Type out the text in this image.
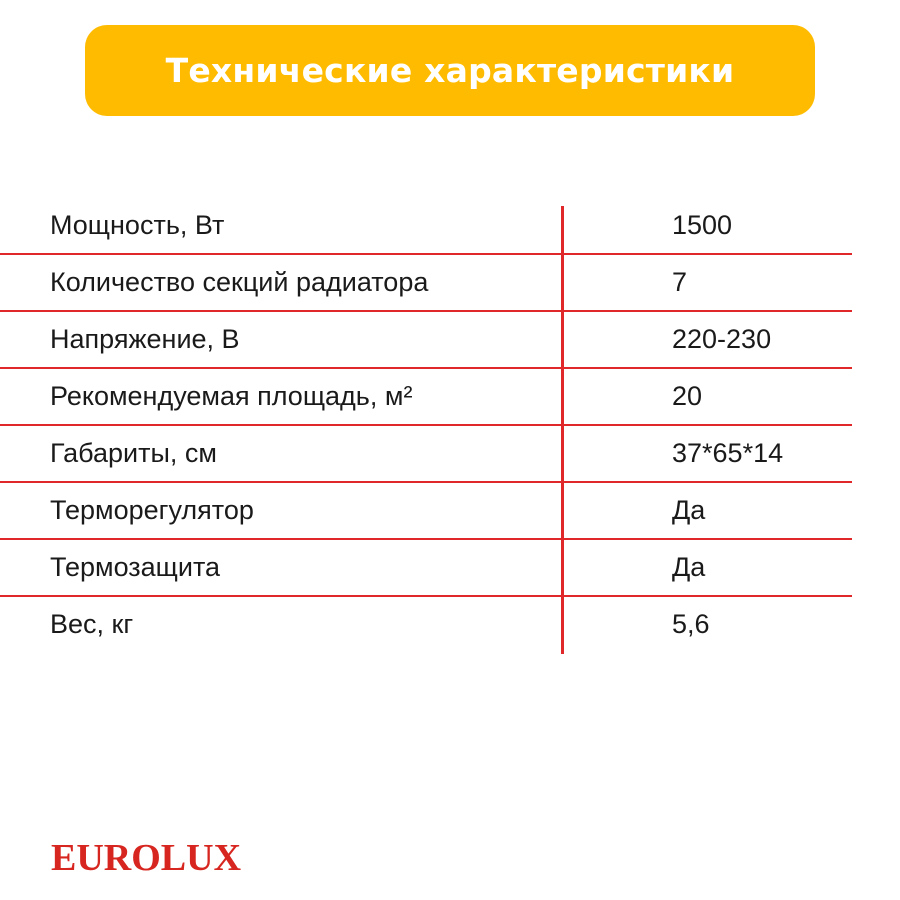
Технические характеристики
Мощность, Вт	1500
Количество секций радиатора	7
Напряжение, В	220-230
Рекомендуемая площадь, м²	20
Габариты, см	37*65*14
Терморегулятор	Да
Термозащита	Да
Вес, кг	5,6
EUROLUX
